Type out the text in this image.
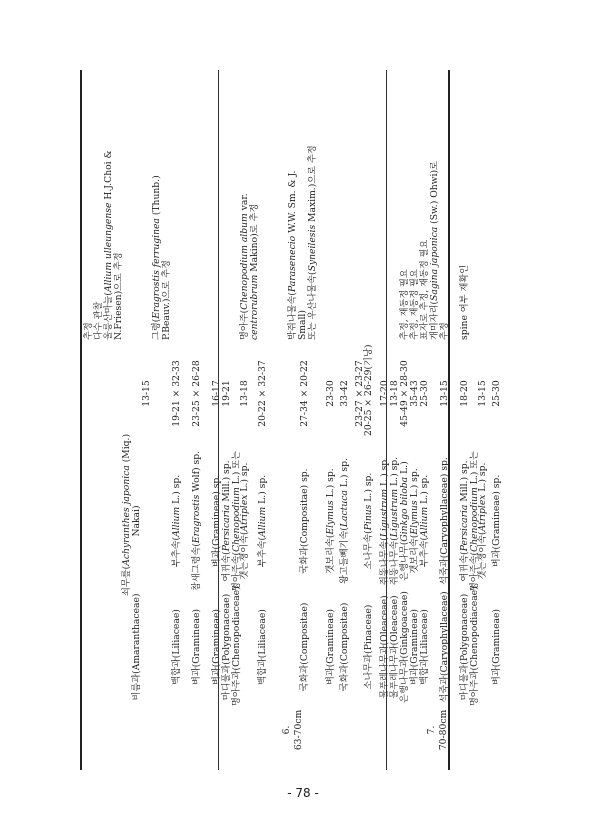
추정 다수 관찰 울릉산마늘(Allium ulleungense H.J.Choi &
N.Friesen)으로 추정
쇠무릎(Achyranthes japonica (Miq.)
Nakai)
비름과(Amaranthaceae)
13-15
그령(Eragrostis ferruginea (Thunb.)
P.Beauv.)으로 추정
백합과(Liliaceae)
부추속(Allium L.) sp.
19-21 × 32-33
벼과(Gramineae)
참새그령속(Eragrostis Wolf) sp.
23-25 × 26-28
벼과(Gramineae)
벼과(Gramineae) sp.
16-17
마디풀과(Polygonaceae)
여뀌속(Persicaria Mill.) sp.
19-21
명아주과(Chenopodiaceae)
명아주속(Chenopodium L.) 또는
갯는쟁이속(Atriplex L.) sp.
13-18
명아주(Chenopodium album var.
centrorubrum Makino)로 추정
백합과(Liliaceae)
부추속(Allium L.) sp.
20-22 × 32-37
박쥐나물속(Parasenecio W.W. Sm. & J.
Small)
국화과(Compositae)
국화과(Compositae) sp.
27-34 × 20-22
또는 우산나물속(Syneilesis Maxim.)으로 추정
벼과(Gramineae)
갯보리속(Elymus L.) sp.
23-30
국화과(Compositae)
왕고들빼기속(Lactuca L.) sp.
33-42 23-27 × 23-27
소나무과(Pinaceae)
소나무속(Pinus L.) sp.
20-25 × 26-29(기낭)
물푸레나무과(Oleaceae)
쥐똥나무속(Ligustrum L.) sp.
17-20
물푸레나무과(Oleaceae)
쥐똥나무속(Ligustrum L.) sp.
13-18
은행나무과(Ginkgoaceae)
은행나무(Ginkgo biloba L.)
45-49 × 28-30
추정, 재동정 필요
벼과(Gramineae)
갯보리속(Elymus L.) sp.
35-43
추정, 재동정 필요
백합과(Liliaceae)
부추속(Allium L.) sp.
25-30
표자로 추정, 재동정 필요 개미자리(Sagina japonica (Sw.) Ohwi)로
석죽과(Caryophyllaceae)
석죽과(Caryophyllaceae) sp.
13-15
추정
마디풀과(Polygonaceae)
여뀌속(Persicaria Mill.) sp.
18-20
spine 여부 재확인
명아주과(Chenopodiaceae)
명아주속(Chenopodium L.) 또는
갯는쟁이속(Atriplex L.) sp.
13-15
벼과(Gramineae)
벼과(Gramineae) sp.
25-30
6. 63-70cm	7. 70-80cm
- 78 -
